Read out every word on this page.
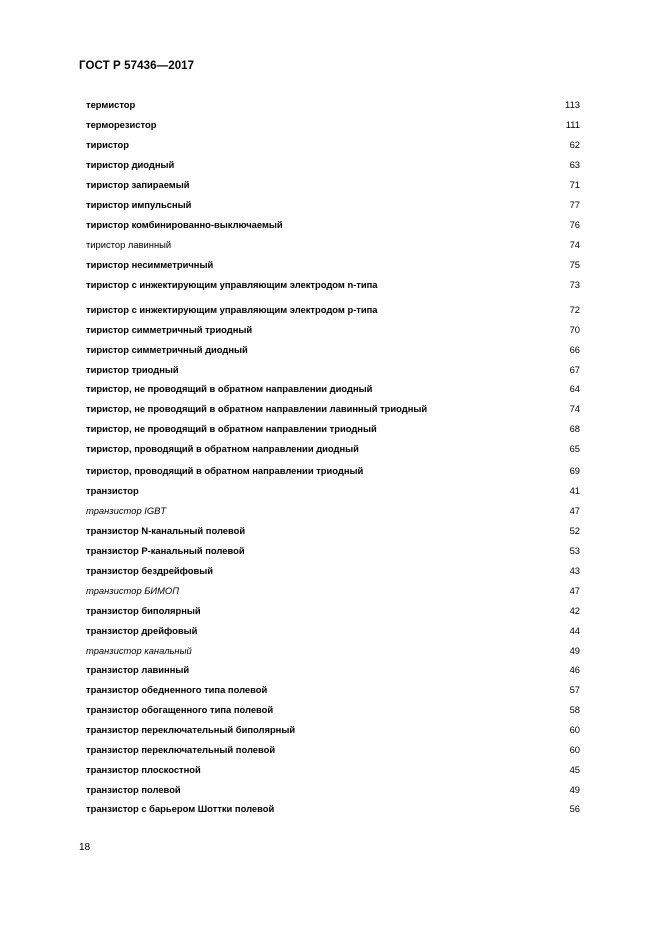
ГОСТ Р 57436—2017
термистор	113
терморезистор	111
тиристор	62
тиристор диодный	63
тиристор запираемый	71
тиристор импульсный	77
тиристор комбинированно-выключаемый	76
тиристор лавинный	74
тиристор несимметричный	75
тиристор с инжектирующим управляющим электродом n-типа	73
тиристор с инжектирующим управляющим электродом p-типа	72
тиристор симметричный триодный	70
тиристор симметричный диодный	66
тиристор триодный	67
тиристор, не проводящий в обратном направлении диодный	64
тиристор, не проводящий в обратном направлении лавинный триодный	74
тиристор, не проводящий в обратном направлении триодный	68
тиристор, проводящий в обратном направлении диодный	65
тиристор, проводящий в обратном направлении триодный	69
транзистор	41
транзистор IGBT	47
транзистор N-канальный полевой	52
транзистор P-канальный полевой	53
транзистор бездрейфовый	43
транзистор БИМОП	47
транзистор биполярный	42
транзистор дрейфовый	44
транзистор канальный	49
транзистор лавинный	46
транзистор обедненного типа полевой	57
транзистор обогащенного типа полевой	58
транзистор переключательный биполярный	60
транзистор переключательный полевой	60
транзистор плоскостной	45
транзистор полевой	49
транзистор с барьером Шоттки полевой	56
18
